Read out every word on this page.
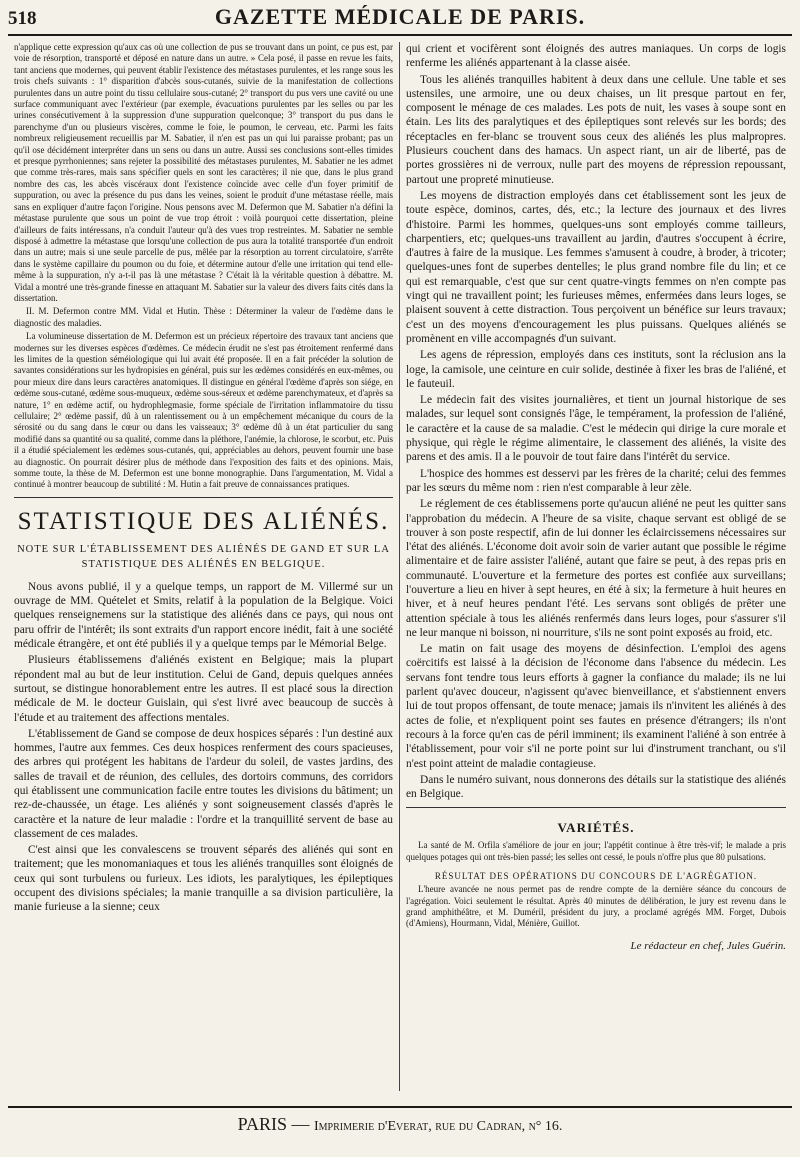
518	GAZETTE MÉDICALE DE PARIS.

n'applique cette expression qu'aux cas où une collection de pus se trouvant dans un point, ce pus est, par voie de résorption, transporté et déposé en nature dans un autre. » Cela posé, il passe en revue les faits, tant anciens que modernes, qui peuvent établir l'existence des métastases purulentes, et les range sous les trois chefs suivants : 1° disparition d'abcès sous-cutanés, suivie de la manifestation de collections purulentes dans un autre point du tissu cellulaire sous-cutané; 2° transport du pus vers une cavité ou une surface communiquant avec l'extérieur (par exemple, évacuations purulentes par les selles ou par les urines consécutivement à la suppression d'une suppuration quelconque; 3° transport du pus dans le parenchyme d'un ou plusieurs viscères, comme le foie, le poumon, le cerveau, etc. Parmi les faits nombreux religieusement recueillis par M. Sabatier, il n'en est pas un qui lui paraisse probant; pas un qu'il ose décidément interpréter dans un sens ou dans un autre. Aussi ses conclusions sont-elles timides et presque pyrrhoniennes; sans rejeter la possibilité des métastases purulentes, M. Sabatier ne les admet que comme très-rares, mais sans spécifier quels en sont les caractères; il nie que, dans le plus grand nombre des cas, les abcès viscéraux dont l'existence coïncide avec celle d'un foyer primitif de suppuration, ou avec la présence du pus dans les veines, soient le produit d'une métastase réelle, mais sans en expliquer d'autre façon l'origine. Nous pensons avec M. Defermon que M. Sabatier n'a défini la métastase purulente que sous un point de vue trop étroit : voilà pourquoi cette dissertation, pleine d'ailleurs de faits intéressans, n'a conduit l'auteur qu'à des vues trop restreintes. M. Sabatier ne semble disposé à admettre la métastase que lorsqu'une collection de pus aura la totalité transportée d'un endroit dans un autre; mais si une seule parcelle de pus, mêlée par la résorption au torrent circulatoire, s'arrête dans le système capillaire du poumon ou du foie, et détermine autour d'elle une irritation qui tend elle-même à la suppuration, n'y a-t-il pas là une métastase ? C'était là la véritable question à débattre. M. Vidal a montré une très-grande finesse en attaquant M. Sabatier sur la valeur des divers faits cités dans la dissertation.

II. M. Defermon contre MM. Vidal et Hutin. Thèse : Déterminer la valeur de l'œdème dans le diagnostic des maladies.

La volumineuse dissertation de M. Defermon est un précieux répertoire des travaux tant anciens que modernes sur les diverses espèces d'œdèmes. Ce médecin érudit ne s'est pas étroitement renfermé dans les limites de la question séméiologique qui lui avait été proposée. Il en a fait précéder la solution de savantes considérations sur les hydropisies en général, puis sur les œdèmes considérés en eux-mêmes, ou pour mieux dire dans leurs caractères anatomiques. Il distingue en général l'œdème d'après son siége, en œdème sous-cutané, œdème sous-muqueux, œdème sous-séreux et œdème parenchymateux, et d'après sa nature, 1° en œdème actif, ou hydrophlegmasie, forme spéciale de l'irritation inflammatoire du tissu cellulaire; 2° œdème passif, dû à un ralentissement ou à un empêchement mécanique du cours de la sérosité ou du sang dans le cœur ou dans les vaisseaux; 3° œdème dû à un état particulier du sang modifié dans sa quantité ou sa qualité, comme dans la pléthore, l'anémie, la chlorose, le scorbut, etc. Puis il a étudié spécialement les œdèmes sous-cutanés, qui, appréciables au dehors, peuvent fournir une base au diagnostic. On pourrait désirer plus de méthode dans l'exposition des faits et des opinions. Mais, somme toute, la thèse de M. Defermon est une bonne monographie. Dans l'argumentation, M. Vidal a continué à montrer beaucoup de subtilité : M. Hutin a fait preuve de connaissances pratiques.

STATISTIQUE DES ALIÉNÉS.
NOTE SUR L'ÉTABLISSEMENT DES ALIÉNÉS DE GAND ET SUR LA STATISTIQUE DES ALIÉNÉS EN BELGIQUE.

Nous avons publié, il y a quelque temps, un rapport de M. Villermé sur un ouvrage de MM. Quételet et Smits, relatif à la population de la Belgique. Voici quelques renseignemens sur la statistique des aliénés dans ce pays, qui nous ont paru offrir de l'intérêt; ils sont extraits d'un rapport encore inédit, fait à une société médicale étrangère, et ont été publiés il y a quelque temps par le Mémorial Belge.

Plusieurs établissemens d'aliénés existent en Belgique; mais la plupart répondent mal au but de leur institution. Celui de Gand, depuis quelques années surtout, se distingue honorablement entre les autres. Il est placé sous la direction médicale de M. le docteur Guislain, qui s'est livré avec beaucoup de succès à l'étude et au traitement des affections mentales.

L'établissement de Gand se compose de deux hospices séparés : l'un destiné aux hommes, l'autre aux femmes. Ces deux hospices renferment des cours spacieuses, des arbres qui protégent les habitans de l'ardeur du soleil, de vastes jardins, des salles de travail et de réunion, des cellules, des dortoirs communs, des corridors qui établissent une communication facile entre toutes les divisions du bâtiment; un rez-de-chaussée, un étage. Les aliénés y sont soigneusement classés d'après le caractère et la nature de leur maladie : l'ordre et la tranquillité servent de base au classement de ces malades.

C'est ainsi que les convalescens se trouvent séparés des aliénés qui sont en traitement; que les monomaniaques et tous les aliénés tranquilles sont éloignés de ceux qui sont turbulens ou furieux. Les idiots, les paralytiques, les épileptiques occupent des divisions spéciales; la manie tranquille a sa division particulière, la manie furieuse a la sienne; ceux

qui crient et vocifèrent sont éloignés des autres maniaques. Un corps de logis renferme les aliénés appartenant à la classe aisée.

Tous les aliénés tranquilles habitent à deux dans une cellule. Une table et ses ustensiles, une armoire, une ou deux chaises, un lit presque partout en fer, composent le ménage de ces malades. Les pots de nuit, les vases à soupe sont en étain. Les lits des paralytiques et des épileptiques sont relevés sur les bords; des réceptacles en fer-blanc se trouvent sous ceux des aliénés les plus malpropres. Plusieurs couchent dans des hamacs. Un aspect riant, un air de liberté, pas de portes grossières ni de verroux, nulle part des moyens de répression repoussant, partout une propreté minutieuse.

Les moyens de distraction employés dans cet établissement sont les jeux de toute espèce, dominos, cartes, dés, etc.; la lecture des journaux et des livres d'histoire. Parmi les hommes, quelques-uns sont employés comme tailleurs, charpentiers, etc; quelques-uns travaillent au jardin, d'autres s'occupent à écrire, d'autres à faire de la musique. Les femmes s'amusent à coudre, à broder, à tricoter; quelques-unes font de superbes dentelles; le plus grand nombre file du lin; et ce qui est remarquable, c'est que sur cent quatre-vingts femmes on n'en compte pas vingt qui ne travaillent point; les furieuses mêmes, enfermées dans leurs loges, se plaisent souvent à cette distraction. Tous perçoivent un bénéfice sur leurs travaux; c'est un des moyens d'encouragement les plus puissans. Quelques aliénés se promènent en ville accompagnés d'un suivant.

Les agens de répression, employés dans ces instituts, sont la réclusion ans la loge, la camisole, une ceinture en cuir solide, destinée à fixer les bras de l'aliéné, et le fauteuil.

Le médecin fait des visites journalières, et tient un journal historique de ses malades, sur lequel sont consignés l'âge, le tempérament, la profession de l'aliéné, le caractère et la cause de sa maladie. C'est le médecin qui dirige la cure morale et physique, qui règle le régime alimentaire, le classement des aliénés, la visite des parens et des amis. Il a le pouvoir de tout faire dans l'intérêt du service.

L'hospice des hommes est desservi par les frères de la charité; celui des femmes par les sœurs du même nom : rien n'est comparable à leur zèle.

Le réglement de ces établissemens porte qu'aucun aliéné ne peut les quitter sans l'approbation du médecin. A l'heure de sa visite, chaque servant est obligé de se trouver à son poste respectif, afin de lui donner les éclaircissemens nécessaires sur l'état des aliénés. L'économe doit avoir soin de varier autant que possible le régime alimentaire et de faire assister l'aliéné, autant que faire se peut, à des repas pris en communauté. L'ouverture et la fermeture des portes est confiée aux surveillans; l'ouverture a lieu en hiver à sept heures, en été à six; la fermeture à huit heures en hiver, et à neuf heures pendant l'été. Les servans sont obligés de prêter une attention spéciale à tous les aliénés renfermés dans leurs loges, pour s'assurer s'il ne leur manque ni boisson, ni nourriture, s'ils ne sont point exposés au froid, etc.

Le matin on fait usage des moyens de désinfection. L'emploi des agens coërcitifs est laissé à la décision de l'économe dans l'absence du médecin. Les servans font tendre tous leurs efforts à gagner la confiance du malade; ils ne lui parlent qu'avec douceur, n'agissent qu'avec bienveillance, et s'abstiennent envers lui de tout propos offensant, de toute menace; jamais ils n'invitent les aliénés à des actes de folie, et n'expliquent point ses fautes en présence d'étrangers; ils n'ont recours à la force qu'en cas de péril imminent; ils examinent l'aliéné à son entrée à l'établissement, pour voir s'il ne porte point sur lui d'instrument tranchant, ou s'il n'est point atteint de maladie contagieuse.

Dans le numéro suivant, nous donnerons des détails sur la statistique des aliénés en Belgique.

VARIÉTÉS.

La santé de M. Orfila s'améliore de jour en jour; l'appétit continue à être très-vif; le malade a pris quelques potages qui ont très-bien passé; les selles ont cessé, le pouls n'offre plus que 80 pulsations.

RÉSULTAT DES OPÉRATIONS DU CONCOURS DE L'AGRÉGATION.

L'heure avancée ne nous permet pas de rendre compte de la dernière séance du concours de l'agrégation. Voici seulement le résultat. Après 40 minutes de délibération, le jury est revenu dans le grand amphithéâtre, et M. Duméril, président du jury, a proclamé agrégés MM. Forget, Dubois (d'Amiens), Hourmann, Vidal, Ménière, Guillot.

Le rédacteur en chef, Jules Guérin.
PARIS — Imprimerie d'Everat, rue du Cadran, n° 16.
